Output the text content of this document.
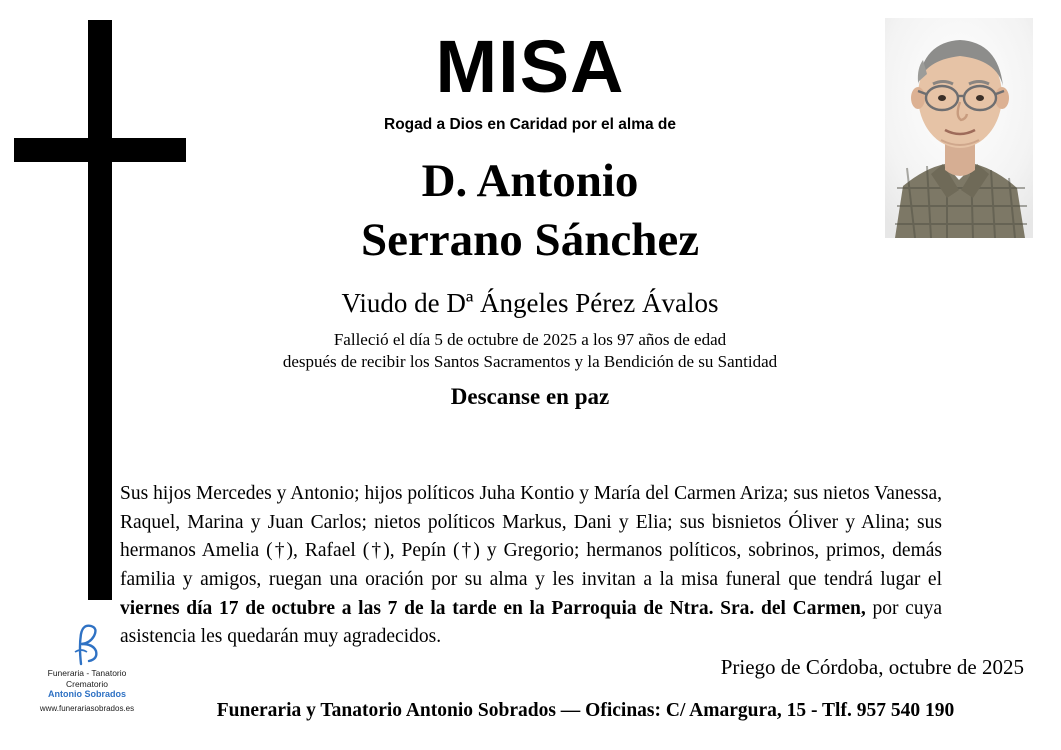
MISA
Rogad a Dios en Caridad por el alma de
D. Antonio
Serrano Sánchez
Viudo de Dª Ángeles Pérez Ávalos
Falleció el día 5 de octubre de 2025 a los 97 años de edad
después de recibir los Santos Sacramentos y la Bendición de su Santidad
Descanse en paz
Sus hijos Mercedes y Antonio; hijos políticos Juha Kontio y María del Carmen Ariza; sus nietos Vanessa, Raquel, Marina y Juan Carlos; nietos políticos Markus, Dani y Elia; sus bisnietos Óliver y Alina; sus hermanos Amelia (†), Rafael (†), Pepín (†) y Gregorio; hermanos políticos, sobrinos, primos, demás familia y amigos, ruegan una oración por su alma y les invitan a la misa funeral que tendrá lugar el viernes día 17 de octubre a las 7 de la tarde en la Parroquia de Ntra. Sra. del Carmen, por cuya asistencia les quedarán muy agradecidos.
Priego de Córdoba, octubre de 2025
Funeraria y Tanatorio Antonio Sobrados — Oficinas: C/ Amargura, 15 - Tlf. 957 540 190
Funeraria - Tanatorio
Crematorio
Antonio Sobrados
www.funerariasobrados.es
